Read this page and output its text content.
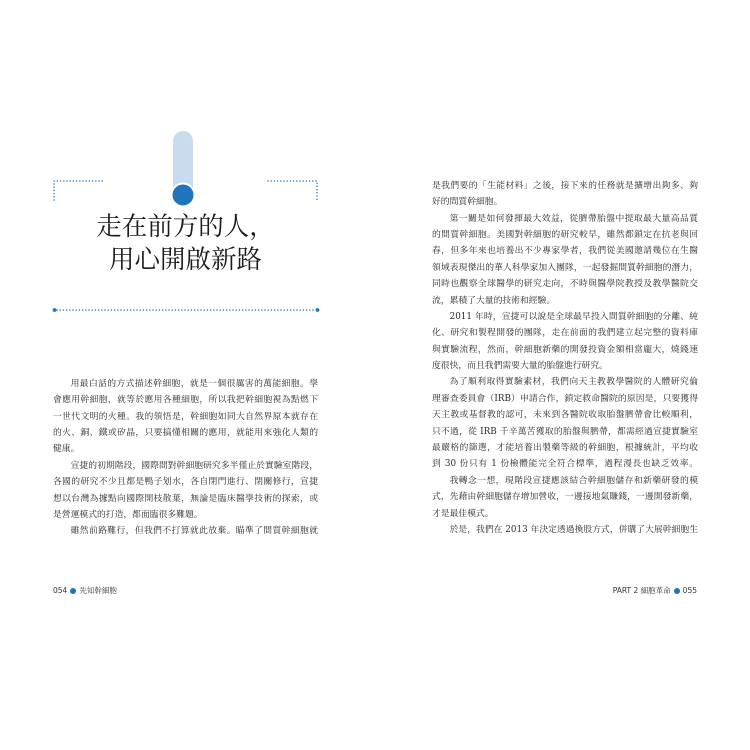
走在前方的人，
用心開啟新路
用最白話的方式描述幹細胞，就是一個很厲害的萬能細胞。學
會應用幹細胞，就等於應用各種細胞，所以我把幹細胞視為點燃下
一世代文明的火種。我的領悟是，幹細胞如同大自然界原本就存在
的火、銅、鐵或矽晶，只要搞懂相關的應用，就能用來強化人類的
健康。
宣捷的初期階段，國際間對幹細胞研究多半僅止於實驗室階段，
各國的研究不少且都是鴨子划水，各自閉門進行、閉關修行，宣捷
想以台灣為據點向國際開枝散葉，無論是臨床醫學技術的探索，或
是營運模式的打造，都面臨很多難題。
雖然前路難行，但我們不打算就此放棄。瞄準了間質幹細胞就
054 先知幹細胞
是我們要的「生能材料」之後，接下來的任務就是擴增出夠多、夠
好的間質幹細胞。
第一關是如何發揮最大效益，從臍帶胎盤中提取最大量高品質
的間質幹細胞。美國對幹細胞的研究較早，雖然都鎖定在抗老與回
春，但多年來也培養出不少專家學者，我們從美國邀請幾位在生醫
領域表現傑出的華人科學家加入團隊，一起發掘間質幹細胞的潛力，
同時也觀察全球醫學的研究走向，不時與醫學院教授及教學醫院交
流，累積了大量的技術和經驗。
2011 年時，宣捷可以說是全球最早投入間質幹細胞的分離、純
化、研究和製程開發的團隊，走在前面的我們建立起完整的資料庫
與實驗流程，然而，幹細胞新藥的開發投資金額相當龐大，燒錢速
度很快，而且我們需要大量的胎盤進行研究。
為了順利取得實驗素材，我們向天主教教學醫院的人體研究倫
理審查委員會（IRB）申請合作，鎖定救命醫院的原因是，只要獲得
天主教或基督教的認可，未來到各醫院收取胎盤臍帶會比較順利，
只不過，從 IRB 千辛萬苦獲取的胎盤與臍帶，都需經過宣捷實驗室
最嚴格的篩選，才能培養出製藥等級的幹細胞，根據統計，平均收
到 30 份只有 1 份檢體能完全符合標準，過程漫長也缺乏效率。
我轉念一想，現階段宣捷應該結合幹細胞儲存和新藥研發的模
式，先藉由幹細胞儲存增加營收，一邊接地氣賺錢，一邊開發新藥，
才是最佳模式。
於是，我們在 2013 年決定透過換股方式，併購了大展幹細胞生
PART 2 細胞革命 055
